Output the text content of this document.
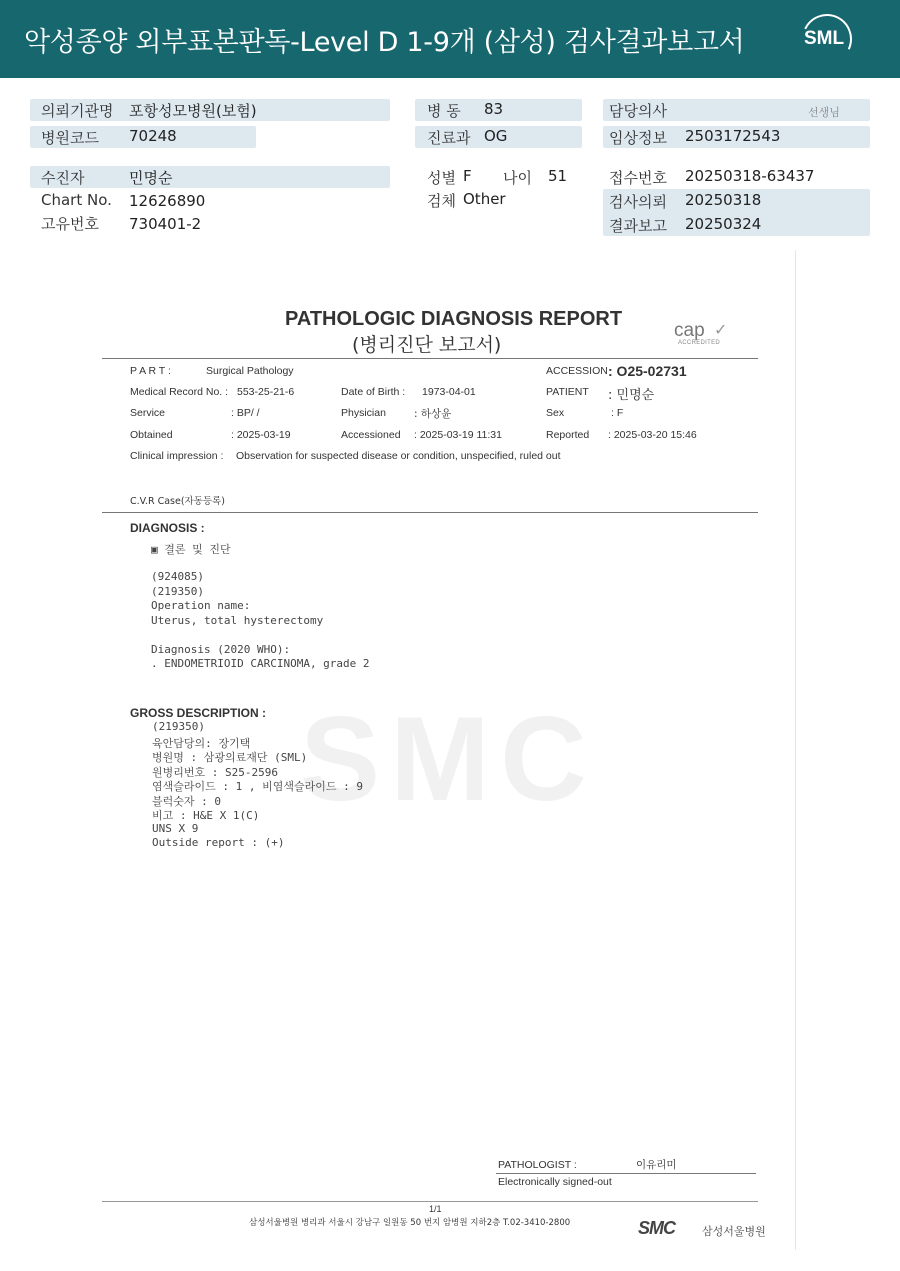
악성종양 외부표본판독-Level D 1-9개 (삼성) 검사결과보고서	SML
의뢰기관명 포항성모병원(보험)
병원코드 70248
수진자	민명순
Chart No. 12626890
고유번호 730401-2
병 동 83
진료과 OG
성별 F 나이 51
검체 Other
담당의사	선생님
임상정보 2503172543
접수번호 20250318-63437
검사의뢰 20250318
결과보고 20250324
SMC
PATHOLOGIC DIAGNOSIS REPORT
(병리진단 보고서)
cap ✓
ACCREDITED
P A R T :	Surgical Pathology	ACCESSION : O25-02731
Medical Record No. : 553-25-21-6	Date of Birth : 1973-04-01	PATIENT : 민명순
Service	: BP/ /	Physician	: 하상윤	Sex	: F
Obtained	: 2025-03-19	Accessioned : 2025-03-19 11:31	Reported : 2025-03-20 15:46
Clinical impression : Observation for suspected disease or condition, unspecified, ruled out
C.V.R Case(자동등록)
DIAGNOSIS :
▣ 결론 및 진단
(924085)
(219350)
Operation name:
Uterus, total hysterectomy
Diagnosis (2020 WHO):
. ENDOMETRIOID CARCINOMA, grade 2
GROSS DESCRIPTION :
(219350)
육안담당의: 장기택
병원명 : 삼광의료재단 (SML)
원병리번호 : S25-2596
염색슬라이드 : 1 , 비염색슬라이드 : 9
블럭숫자 : 0
비고 : H&E X 1(C)
UNS X 9
Outside report : (+)
PATHOLOGIST :	이유리미
Electronically signed-out
1/1
삼성서울병원 병리과 서울시 강남구 일원동 50 번지 암병원 지하2층 T.02-3410-2800	SMC 삼성서울병원
